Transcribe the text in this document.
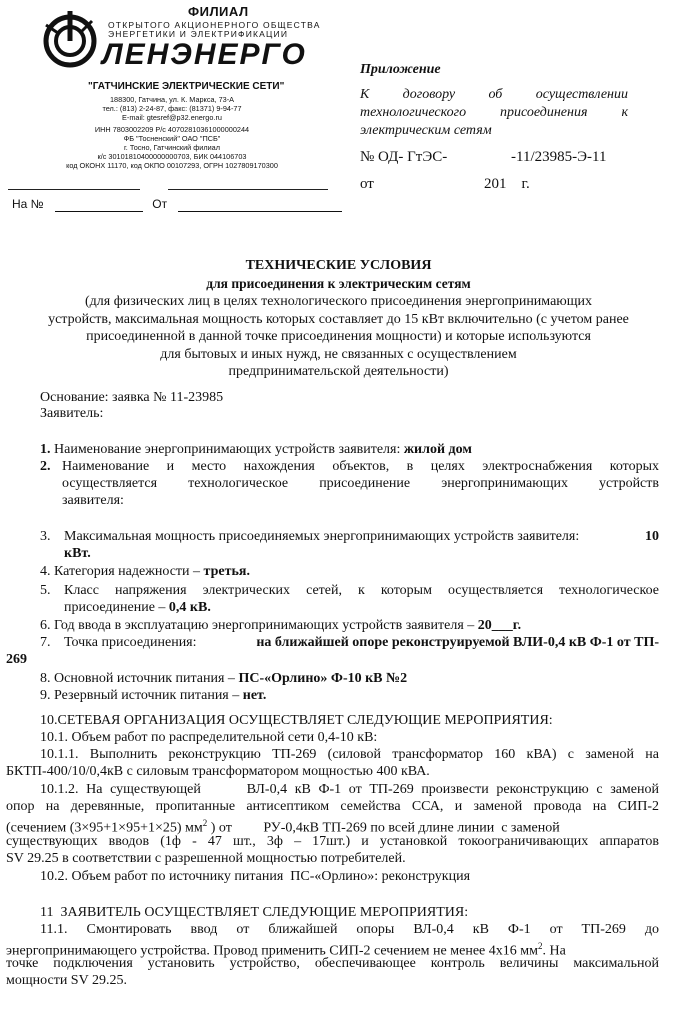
ФИЛИАЛ
ОТКРЫТОГО АКЦИОНЕРНОГО ОБЩЕСТВА
ЭНЕРГЕТИКИ И ЭЛЕКТРИФИКАЦИИ
ЛЕНЭНЕРГО
"ГАТЧИНСКИЕ ЭЛЕКТРИЧЕСКИЕ СЕТИ"
188300, Гатчина, ул. К. Маркса, 73-А
тел.: (813) 2-24-87, факс: (81371) 9-94-77
E-mail: gtesref@p32.energo.ru
ИНН 7803002209 Р/с 40702810361000000244
ФБ "Тосненский" ОАО "ПСБ"
г. Тосно, Гатчинский филиал
к/с 30101810400000000703, БИК 044106703
код ОКОНХ 11170, код ОКПО 00107293, ОГРН 1027809170300
На №	От
Приложение
К договору об осуществлении
технологического присоединения к
электрическим сетям
№ ОД- ГтЭС-	-11/23985-Э-11
от	201    г.
ТЕХНИЧЕСКИЕ УСЛОВИЯ
для присоединения к электрическим сетям
(для физических лиц в целях технологического присоединения энергопринимающих
устройств, максимальная мощность которых составляет до 15 кВт включительно (с учетом ранее
присоединенной в данной точке присоединения мощности) и которые используются
для бытовых и иных нужд, не связанных с осуществлением
предпринимательской деятельности)
Основание: заявка № 11-23985
Заявитель:
1. Наименование энергопринимающих устройств заявителя: жилой дом
2. Наименование и место нахождения объектов, в целях электроснабжения которых
осуществляется технологическое присоединение энергопринимающих устройств
заявителя:
3. Максимальная мощность присоединяемых энергопринимающих устройств заявителя:	10
кВт.
4. Категория надежности – третья.
5. Класс напряжения электрических сетей, к которым осуществляется технологическое
присоединение – 0,4 кВ.
6. Год ввода в эксплуатацию энергопринимающих устройств заявителя – 20___г.
7. Точка присоединения:	на ближайшей опоре реконструируемой ВЛИ-0,4 кВ Ф-1 от ТП-
269
8. Основной источник питания – ПС-«Орлино» Ф-10 кВ №2
9. Резервный источник питания – нет.
10.СЕТЕВАЯ ОРГАНИЗАЦИЯ ОСУЩЕСТВЛЯЕТ СЛЕДУЮЩИЕ МЕРОПРИЯТИЯ:
10.1. Объем работ по распределительной сети 0,4-10 кВ:
10.1.1. Выполнить реконструкцию ТП-269 (силовой трансформатор 160 кВА) с заменой на
БКТП-400/10/0,4кВ с силовым трансформатором мощностью 400 кВА.
10.1.2. На существующей      ВЛ-0,4 кВ Ф-1 от ТП-269 произвести реконструкцию с заменой
опор на деревянные, пропитанные антисептиком семейства ССА, и заменой провода на СИП-2
(сечением (3×95+1×95+1×25) $мм^2$ ) от         РУ-0,4кВ ТП-269 по всей длине линии  с заменой
существующих вводов (1ф - 47 шт., 3ф – 17шт.) и установкой токоограничивающих аппаратов
SV 29.25 в соответствии с разрешенной мощностью потребителей.
10.2. Объем работ по источнику питания  ПС-«Орлино»: реконструкция
11  ЗАЯВИТЕЛЬ ОСУЩЕСТВЛЯЕТ СЛЕДУЮЩИЕ МЕРОПРИЯТИЯ:
11.1. Смонтировать ввод от ближайшей опоры ВЛ-0,4 кВ Ф-1 от ТП-269 до
энергопринимающего устройства. Провод применить СИП-2 сечением не менее 4х16 $мм^2$. На
точке подключения установить устройство, обеспечивающее контроль величины максимальной
мощности SV 29.25.
